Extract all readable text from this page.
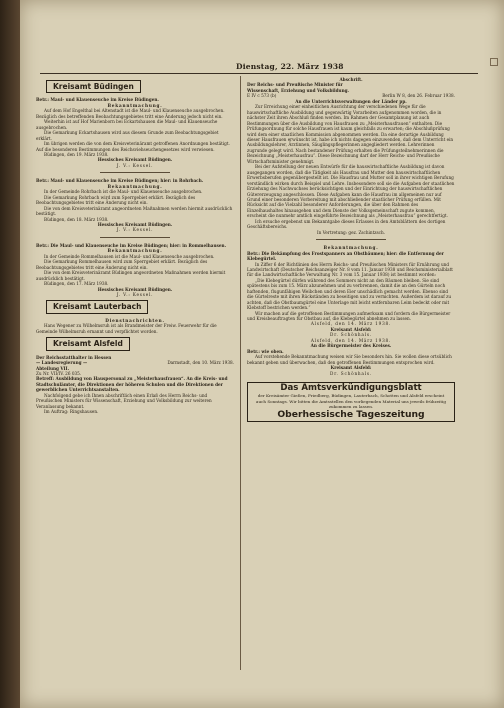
Dienstag, 22. März 1938
Kreisamt Büdingen
Betr.: Maul- und Klauenseuche im Kreise Büdingen.
Bekanntmachung.
Auf dem Hof Engelthal bei Altenstadt ist die Maul- und Klauenseuche ausgebrochen. Bezüglich des betreffenden Beobachtungsgebietes tritt eine Änderung jedoch nicht ein.
Weiterhin ist auf Hof Marienborn bei Eckartshausen die Maul- und Klauenseuche ausgebrochen.
Die Gemarkung Eckartshausen wird aus diesem Grunde zum Beobachtungsgebiet erklärt.
Im übrigen werden die von dem Kreisveterinäramt getroffenen Anordnungen bestätigt. Auf die besonderen Bestimmungen des Reichsviehseuchengesetzes wird verwiesen.
Büdingen, den 19. März 1938.
Hessisches Kreisamt Büdingen.
J. V.: Kessel.
Betr.: Maul- und Klauenseuche im Kreise Büdingen; hier: in Rohrbach.
Bekanntmachung.
In der Gemeinde Rohrbach ist die Maul- und Klauenseuche ausgebrochen.
Die Gemarkung Rohrbach wird zum Sperrgebiet erklärt. Bezüglich des Beobachtungsgebietes tritt eine Änderung nicht ein.
Die von dem Kreisveterinäramt angeordneten Maßnahmen werden hiermit ausdrücklich bestätigt.
Büdingen, den 18. März 1938.
Hessisches Kreisamt Büdingen.
J. V.: Kessel.
Betr.: Die Maul- und Klauenseuche im Kreise Büdingen; hier: in Rommelhausen.
Bekanntmachung.
In der Gemeinde Rommelhausen ist die Maul- und Klauenseuche ausgebrochen.
Die Gemarkung Rommelhausen wird zum Sperrgebiet erklärt. Bezüglich des Beobachtungsgebietes tritt eine Änderung nicht ein.
Die von dem Kreisveterinäramt Büdingen angeordneten Maßnahmen werden hiermit ausdrücklich bestätigt.
Büdingen, den 17. März 1938.
Hessisches Kreisamt Büdingen.
J. V.: Kessel.
Kreisamt Lauterbach
Dienstnachrichten.
Hans Wegener zu Wilhelmsruh ist als Brandmeister der Freiw. Feuerwehr für die Gemeinde Wilhelmsruh ernannt und verpflichtet worden.
Kreisamt Alsfeld
Der Reichsstatthalter in Hessen
— Landesregierung —	Darmstadt, den 10. März 1938.
Abteilung VII.
Zu Nr. VII/IV. 26 035.
Betreff: Ausbildung von Hauspersonal zu „Meisterhausfrauen“. An die Kreis- und Stadtschulämter, die Direktionen der höheren Schulen und die Direktionen der gewerblichen Unterrichtsanstalten.
Nachfolgend gebe ich Ihnen abschriftlich einen Erlaß des Herrn Reichs- und Preußischen Ministers für Wissenschaft, Erziehung und Volksbildung zur weiteren Veranlassung bekannt.
Im Auftrag: Ringshausen.
Abschrift.
Der Reichs- und Preußische Minister für
Wissenschaft, Erziehung und Volksbildung.
E IV c 573 (b)	Berlin W 8, den 26. Februar 1938.
An die Unterrichtsverwaltungen der Länder pp.
Zur Erreichung einer einheitlichen Ausrichtung der verschiedenen Wege für die hauswirtschaftliche Ausbildung und gegenwärtig Vorarbeiten aufgenommen worden, die in nächster Zeit ihren Abschluß finden werden. Im Rahmen der Gesamtplanung ist auch Bestimmungen über die Ausbildung von Hausfrauen zu „Meisterhausfrauen“ enthalten. Die Prüfungsordnung für solche Hausfrauen ist kaum gleichfalls zu erwarten; die Abschlußprüfung wird dem einer staatlichen Kommission abgenommen werden. Da eine derartige Ausbildung dieser Hausfrauen erwünscht ist, habe ich nichts dagegen einzuwenden, daß dem Unterricht ein Ausbildungslehrer, Ärztinnen, Säuglingspflegerinnen angegliedert werden. Lehrerinnen zugrunde gelegt wird. Nach bestandener Prüfung erhalten die Prüfungsteilnehmerinnen die Bezeichnung „Meisterhausfrau“. Diese Bezeichnung darf der Herr Reichs- und Preußische Wirtschaftsminister genehmigt.
Bei der Aufstellung der neuen Entwürfe für die hauswirtschaftliche Ausbildung ist davon ausgegangen worden, daß die Tätigkeit als Hausfrau und Mutter den hauswirtschaftlichen Erwerbsberufen gegenübergestellt ist. Die Hausfrau und Mutter soll in ihrer wichtigen Berufung verständlich wirken durch Beispiel und Lehre. Insbesondere soll sie die Aufgaben der staatlichen Erziehung des Nachwuchses berücksichtigen und der Einrichtung der hauswirtschaftlichen Gütererzeugung angeschlossen. Diese Aufgaben kann die Hausfrau im allgemeinen nur auf Grund einer besonderen Vorbereitung mit abschließender staatlicher Prüfung erfüllen. Mit Rücksicht auf die Vielzahl besonderer Anforderungen, die über den Rahmen des Einzelhaushaltes hinausgehen und dem Dienste der Volksgemeinschaft zugute kommen, erscheint die nunmehr amtlich eingeführte Bezeichnung als „Meisterhausfrau“ gerechtfertigt.
Ich ersuche ergebenst um Bekanntgabe dieses Erlasses in den Amtsblättern des dortigen Geschäftsbereichs.
In Vertretung: gez. Zschintzsch.
Bekanntmachung.
Betr.: Die Bekämpfung des Frostspanners an Obstbäumen; hier: die Entfernung der Klebegürtel.
In Ziffer 6 der Richtlinien des Herrn Reichs- und Preußischen Ministers für Ernährung und Landwirtschaft (Deutscher Reichsanzeiger Nr. 8 vom 11. Januar 1938 und Reichsministerialblatt für die Landwirtschaftliche Verwaltung Nr. 3 vom 15. Januar 1938) ist bestimmt worden:
„Die Klebegürtel dürfen während des Sommers nicht an den Bäumen bleiben. Sie sind spätestens bis zum 15. März abzunehmen und zu verbrennen, damit die an den Gürteln noch haftenden, flugunfähigen Weibchen und deren Eier unschädlich gemacht werden. Ebenso sind die Gürtelreste mit ihren Rückständen zu beseitigen und zu vernichten. Außerdem ist darauf zu achten, daß die Obstbaumgürtel eine Unterlage mit leicht entfernbaren Leim bedeckt oder mit Klebstoff bestrichen werden.“
Wir machen auf die getroffenen Bestimmungen aufmerksam und fordern die Bürgermeister und Kreisbeauftragten für Obstbau auf, die Klebegürtel abnehmen zu lassen.
Alsfeld, den 14. März 1938.
Kreisamt Alsfeld:
Dr. Schönhals.
Alsfeld, den 14. März 1938.
An die Bürgermeister des Kreises.
Betr.: wie oben.
Auf vorstehende Bekanntmachung weisen wir Sie besonders hin. Sie wollen diese ortsüblich bekannt geben und überwachen, daß den getroffenen Bestimmungen entsprochen wird.
Kreisamt Alsfeld:
Dr. Schönhals.
Das Amtsverkündigungsblatt
der Kreisämter Gießen, Friedberg, Büdingen, Lauterbach, Schotten und Alsfeld erscheint auch Sonntags. Wir bitten die Amtsstellen den vorliegenden Material uns jeweils frühzeitig zukommen zu lassen.
Oberhessische Tageszeitung
